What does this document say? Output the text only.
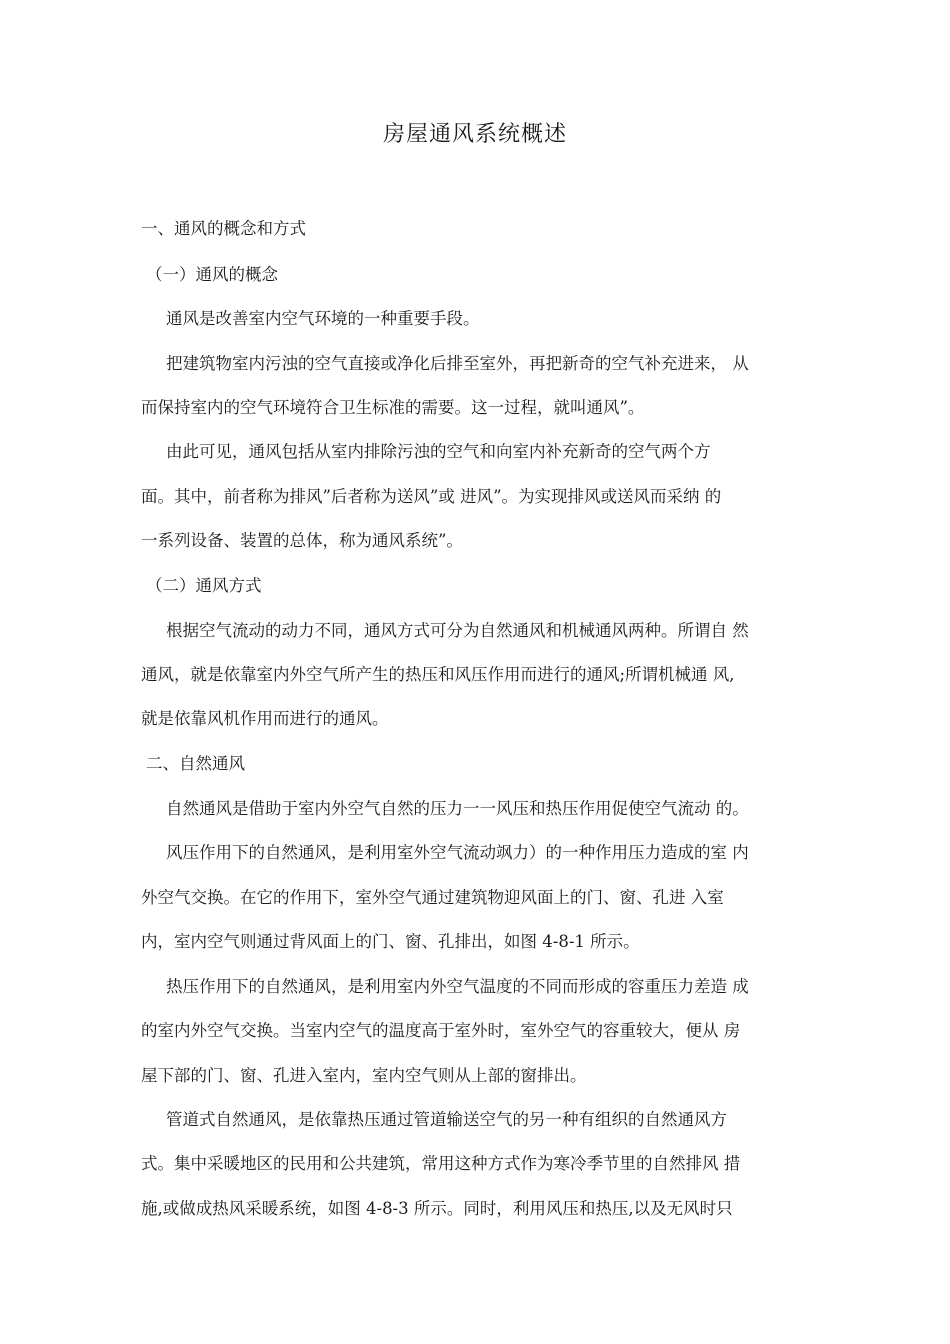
房屋通风系统概述
一、通风的概念和方式
（一）通风的概念
通风是改善室内空气环境的一种重要手段。
把建筑物室内污浊的空气直接或净化后排至室外，再把新奇的空气补充进来， 从
而保持室内的空气环境符合卫生标准的需要。这一过程，就叫通风”。
由此可见，通风包括从室内排除污浊的空气和向室内补充新奇的空气两个方
面。其中，前者称为排风”后者称为送风”或 进风”。为实现排风或送风而采纳 的
一系列设备、装置的总体，称为通风系统”。
（二）通风方式
根据空气流动的动力不同，通风方式可分为自然通风和机械通风两种。所谓自 然
通风，就是依靠室内外空气所产生的热压和风压作用而进行的通风;所谓机械通 风,
就是依靠风机作用而进行的通风。
二、自然通风
自然通风是借助于室内外空气自然的压力一一风压和热压作用促使空气流动 的。
风压作用下的自然通风，是利用室外空气流动飒力）的一种作用压力造成的室 内
外空气交换。在它的作用下，室外空气通过建筑物迎风面上的门、窗、孔进 入室
内，室内空气则通过背风面上的门、窗、孔排出，如图 4-8-1 所示。
热压作用下的自然通风，是利用室内外空气温度的不同而形成的容重压力差造 成
的室内外空气交换。当室内空气的温度高于室外时，室外空气的容重较大，便从 房
屋下部的门、窗、孔进入室内，室内空气则从上部的窗排出。
管道式自然通风，是依靠热压通过管道输送空气的另一种有组织的自然通风方
式。集中采暖地区的民用和公共建筑，常用这种方式作为寒冷季节里的自然排风 措
施,或做成热风采暖系统，如图 4-8-3 所示。同时，利用风压和热压,以及无风时只
